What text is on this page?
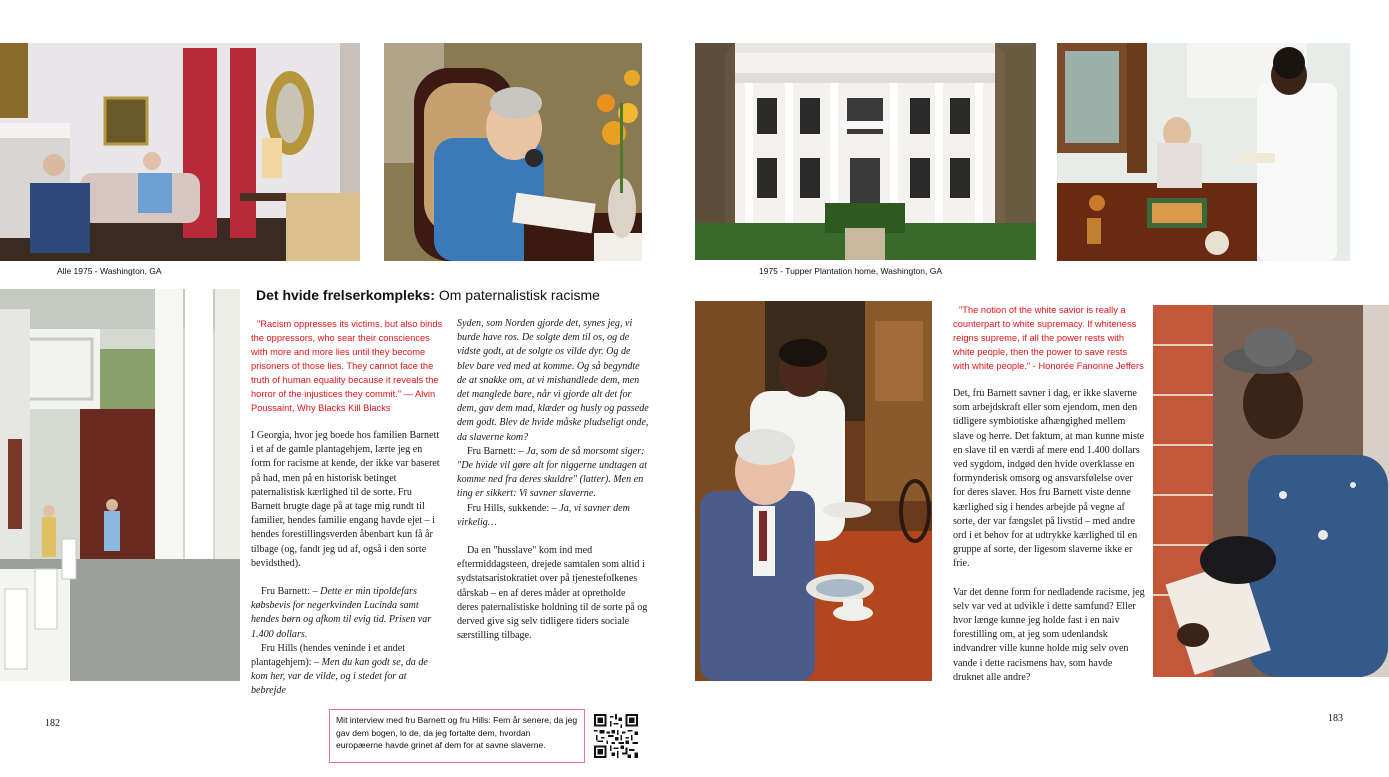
Alle 1975 - Washington, GA	1975 - Tupper Plantation home, Washington, GA
Det hvide frelserkompleks: Om paternalistisk racisme

"Racism oppresses its victims, but also binds the oppressors, who sear their consciences with more and more lies until they become prisoners of those lies. They cannot face the truth of human equality because it reveals the horror of the injustices they commit." — Alvin Poussaint, Why Blacks Kill Blacks

I Georgia, hvor jeg boede hos familien Barnett i et af de gamle plantagehjem, lærte jeg en form for racisme at kende, der ikke var baseret på had, men på en historisk betinget paternalistisk kærlighed til de sorte. Fru Barnett brugte dage på at tage mig rundt til familier, hendes familie engang havde ejet – i hendes forestillingsverden åbenbart kun få år tilbage (og, fandt jeg ud af, også i den sorte bevidsthed).

Fru Barnett: – Dette er min tipoldefars købsbevis for negerkvinden Lucinda samt hendes børn og afkom til evig tid. Prisen var 1.400 dollars.

Fru Hills (hendes veninde i et andet plantagehjem): – Men du kan godt se, da de kom her, var de vilde, og i stedet for at bebrejde

Syden, som Norden gjorde det, synes jeg, vi burde have ros. De solgte dem til os, og de vidste godt, at de solgte os vilde dyr. Og de blev bare ved med at komme. Og så begyndte de at snakke om, at vi mishandlede dem, men det manglede bare, når vi gjorde alt det for dem, gav dem mad, klæder og husly og passede dem godt. Blev de hvide måske pludseligt onde, da slaverne kom?

Fru Barnett: – Ja, som de så morsomt siger: "De hvide vil gøre alt for niggerne undtagen at komme ned fra deres skuldre" (latter). Men en ting er sikkert: Vi savner slaverne.

Fru Hills, sukkende: – Ja, vi savner dem virkelig…

Da en "husslave" kom ind med eftermiddagsteen, drejede samtalen som altid i sydstatsaristokratiet over på tjenestefolkenes dårskab – en af deres måder at opretholde deres paternalistiske holdning til de sorte på og derved give sig selv tidligere tiders sociale særstilling tilbage.

"The notion of the white savior is really a counterpart to white supremacy. If whiteness reigns supreme, if all the power rests with white people, then the power to save rests with white people." - Honorée Fanonne Jeffers

Det, fru Barnett savner i dag, er ikke slaverne som arbejdskraft eller som ejendom, men den tidligere symbiotiske afhængighed mellem slave og herre. Det faktum, at man kunne miste en slave til en værdi af mere end 1.400 dollars ved sygdom, indgød den hvide overklasse en formynderisk omsorg og ansvarsfølelse over for deres slaver. Hos fru Barnett viste denne kærlighed sig i hendes arbejde på vegne af sorte, der var fængslet på livstid – med andre ord i et behov for at udtrykke kærlighed til en gruppe af sorte, der ligesom slaverne ikke er frie.

Var det denne form for nedladende racisme, jeg selv var ved at udvikle i dette samfund? Eller hvor længe kunne jeg holde fast i en naiv forestilling om, at jeg som udenlandsk indvandrer ville kunne holde mig selv oven vande i dette racismens hav, som havde druknet alle andre?

182	183
Mit interview med fru Barnett og fru Hills: Fem år senere, da jeg gav dem bogen, lo de, da jeg fortalte dem, hvordan europæerne havde grinet af dem for at savne slaverne.
